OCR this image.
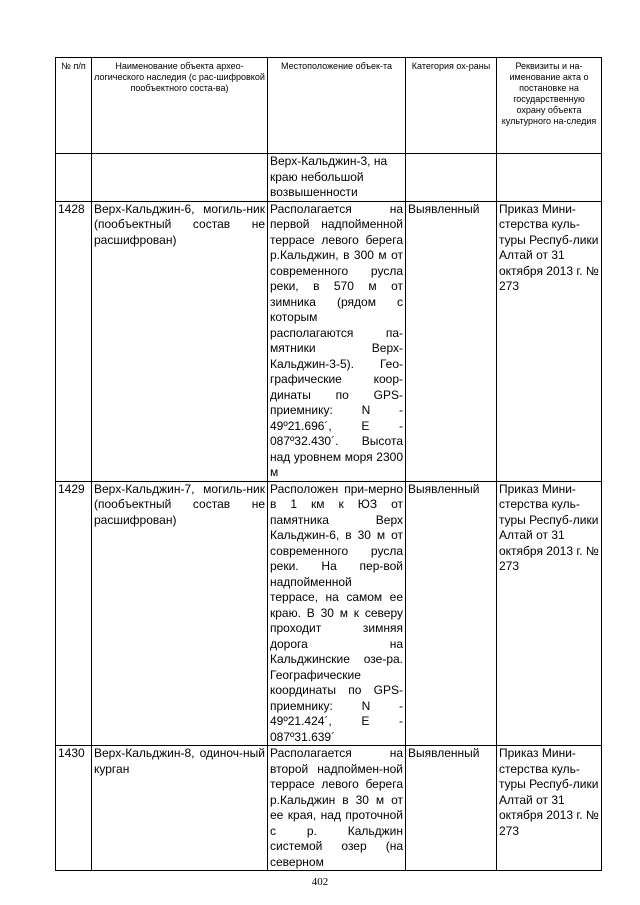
№ п/п	Наименование объекта архео-логического наследия (с рас-шифровкой пообъектного соста-ва)	Местоположение объек-та	Категория ох-раны	Реквизиты и на-именование акта о постановке на государственную охрану объекта культурного на-следия
		Верх-Кальджин-3, на краю небольшой возвышенности		
1428	Верх-Кальджин-6, могиль-ник (пообъектный состав не расшифрован)	Располагается на первой надпойменной террасе левого берега р.Кальджин, в 300 м от современного русла реки, в 570 м от зимника (рядом с которым располагаются па-мятники Верх-Кальджин-3-5). Гео-графические коор-динаты по GPS-приемнику: N - 49º21.696´, E - 087º32.430´. Высота над уровнем моря 2300 м	Выявленный	Приказ Мини-стерства куль-туры Респуб-лики Алтай от 31 октября 2013 г. № 273
1429	Верх-Кальджин-7, могиль-ник (пообъектный состав не расшифрован)	Расположен при-мерно в 1 км к ЮЗ от памятника Верх Кальджин-6, в 30 м от современного русла реки. На пер-вой надпойменной террасе, на самом ее краю. В 30 м к северу проходит зимняя дорога на Кальджинские озе-ра. Географические координаты по GPS-приемнику: N - 49º21.424´, E - 087º31.639´	Выявленный	Приказ Мини-стерства куль-туры Респуб-лики Алтай от 31 октября 2013 г. № 273
1430	Верх-Кальджин-8, одиноч-ный курган	Располагается на второй надпоймен-ной террасе левого берега р.Кальджин в 30 м от ее края, над проточной с р. Кальджин системой озер (на северном	Выявленный	Приказ Мини-стерства куль-туры Респуб-лики Алтай от 31 октября 2013 г. № 273
402
